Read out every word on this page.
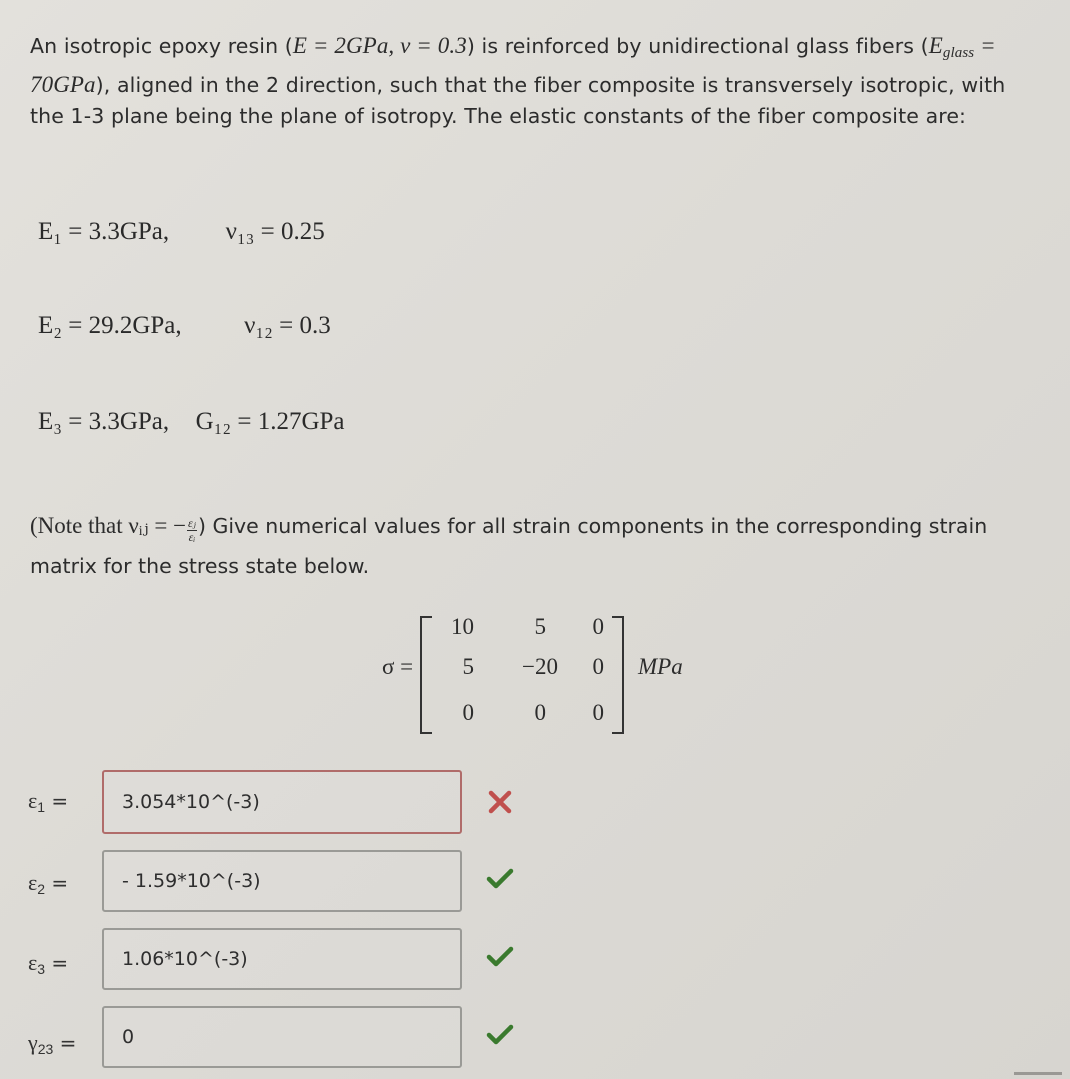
An isotropic epoxy resin (E = 2GPa, v = 0.3) is reinforced by unidirectional glass fibers $(E_{glass} = 70GPa)$, aligned in the 2 direction, such that the fiber composite is transversely isotropic, with the 1-3 plane being the plane of isotropy. The elastic constants of the fiber composite are:
E₁ = 3.3GPa, ν₁₃ = 0.25
E₂ = 29.2GPa,	ν₁₂ = 0.3
E₃ = 3.3GPa, G₁₂ = 1.27GPa
(Note that νᵢⱼ = − $\frac{\text{εⱼ}}{\text{εᵢ}}$ ) Give numerical values for all strain components in the corresponding strain matrix for the stress state below.
σ =
10	5	0
5 −20	0
0	0	0
MPa
$\varepsilon_1$ =	3.054*10^(-3)
$\varepsilon_2$ =	- 1.59*10^(-3)
$\varepsilon_3$ =	1.06*10^(-3)
$\gamma_{23}$ =	0
